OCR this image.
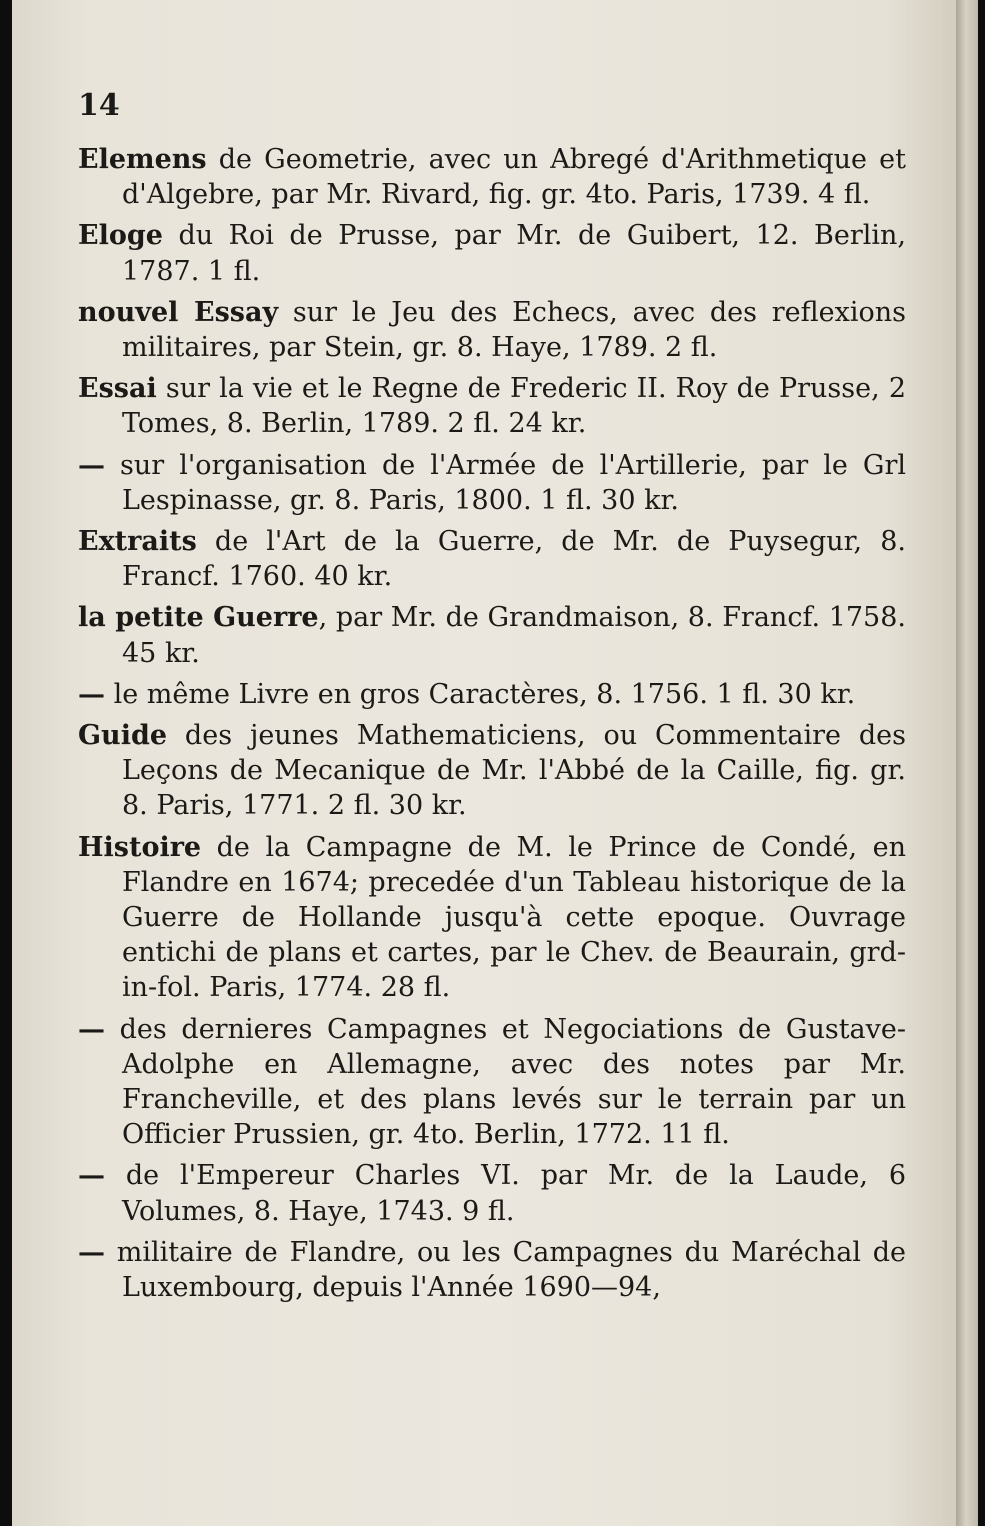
14

Elemens de Geometrie, avec un Abregé d'Arithmetique et d'Algebre, par Mr. Rivard, fig. gr. 4to. Paris, 1739. 4 fl.

Eloge du Roi de Prusse, par Mr. de Guibert, 12. Berlin, 1787. 1 fl.

nouvel Essay sur le Jeu des Echecs, avec des reflexions militaires, par Stein, gr. 8. Haye, 1789. 2 fl.

Essai sur la vie et le Regne de Frederic II. Roy de Prusse, 2 Tomes, 8. Berlin, 1789. 2 fl. 24 kr.

— sur l'organisation de l'Armée de l'Artillerie, par le Grl Lespinasse, gr. 8. Paris, 1800. 1 fl. 30 kr.

Extraits de l'Art de la Guerre, de Mr. de Puysegur, 8. Francf. 1760. 40 kr.

la petite Guerre, par Mr. de Grandmaison, 8. Francf. 1758. 45 kr.

— le même Livre en gros Caractères, 8. 1756. 1 fl. 30 kr.

Guide des jeunes Mathematiciens, ou Commentaire des Leçons de Mecanique de Mr. l'Abbé de la Caille, fig. gr. 8. Paris, 1771. 2 fl. 30 kr.

Histoire de la Campagne de M. le Prince de Condé, en Flandre en 1674; precedée d'un Tableau historique de la Guerre de Hollande jusqu'à cette epoque. Ouvrage entichi de plans et cartes, par le Chev. de Beaurain, grd-in-fol. Paris, 1774. 28 fl.

— des dernieres Campagnes et Negociations de Gustave-Adolphe en Allemagne, avec des notes par Mr. Francheville, et des plans levés sur le terrain par un Officier Prussien, gr. 4to. Berlin, 1772. 11 fl.

— de l'Empereur Charles VI. par Mr. de la Laude, 6 Volumes, 8. Haye, 1743. 9 fl.

— militaire de Flandre, ou les Campagnes du Maréchal de Luxembourg, depuis l'Année 1690—94,
